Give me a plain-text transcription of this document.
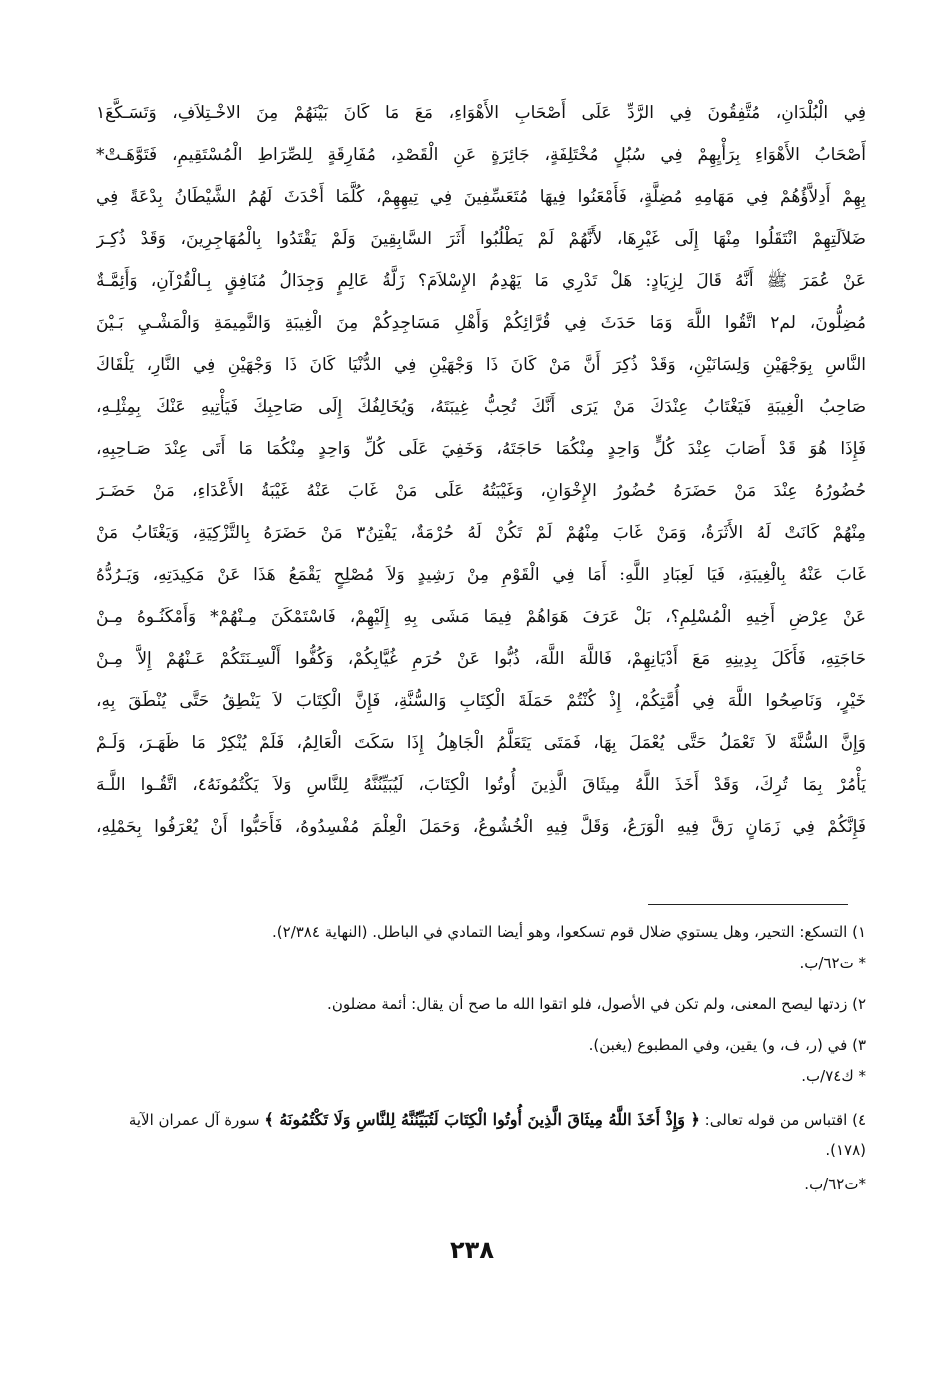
فِي الْبُلْدَانِ، مُتَّفِقُونَ فِي الرَّدِّ عَلَى أَصْحَابِ الأَهْوَاءِ، مَعَ مَا كَانَ بَيْنَهُمْ مِنَ الاخْـتِلاَفِ، وَتَسَـكَّعَ١
أَصْحَابُ الأَهْوَاءِ بِرَأْيِهِمْ فِي سُبُلٍ مُخْتَلِفَةٍ، جَائِرَةٍ عَنِ الْقَصْدِ، مُفَارِقَةٍ لِلصِّرَاطِ الْمُسْتَقِيمِ، فَتَوَّهَـتْ*
بِهِمْ أَدِلاَّؤُهُمْ فِي مَهَامِهِ مُضِلَّةٍ، فَأَمْعَنُوا فِيهَا مُتَعَسِّفِينَ فِي تِيهِهِمْ، كُلَّمَا أَحْدَثَ لَهُمُ الشَّيْطَانُ بِدْعَةً فِي
ضَلاَلَتِهِمْ انْتَقَلُوا مِنْهَا إِلَى غَيْرِهَا، لأَنَّهُمْ لَمْ يَطْلُبُوا أَثَرَ السَّابِقِينَ وَلَمْ يَقْتَدُوا بِالْمُهَاجِرِينَ، وَقَدْ ذُكِـرَ
عَنْ عُمَرَ ﷺ أَنَّهُ قَالَ لِزِيَادٍ: هَلْ تَدْرِي مَا يَهْدِمُ الإِسْلاَمَ؟ زَلَّةُ عَالِمٍ وَجِدَالُ مُنَافِقٍ بِـالْقُرْآنِ، وَأَئِمَّـةٌ
مُضِلُّونَ، لم٢ اتَّقُوا اللَّهَ وَمَا حَدَثَ فِي قُرَّائِكُمْ وَأَهْلِ مَسَاجِدِكُمْ مِنَ الْغِيبَةِ وَالنَّمِيمَةِ وَالْمَشْـيِ بَـيْنَ
النَّاسِ بِوَجْهَيْنِ وَلِسَانَيْنِ، وَقَدْ ذُكِرَ أَنَّ مَنْ كَانَ ذَا وَجْهَيْنِ فِي الدُّنْيَا كَانَ ذَا وَجْهَيْنِ فِي النَّارِ، يَلْقَاكَ
صَاحِبُ الْغِيبَةِ فَيَغْتَابُ عِنْدَكَ مَنْ يَرَى أَنَّكَ تُحِبُّ غِيبَتَهُ، وَيُخَالِفُكَ إِلَى صَاحِبِكَ فَيَأْتِيهِ عَنْكَ بِمِثْلِـهِ،
فَإِذَا هُوَ قَدْ أَصَابَ عِنْدَ كُلٍّ وَاحِدٍ مِنْكُمَا حَاجَتَهُ، وَخَفِيَ عَلَى كُلِّ وَاحِدٍ مِنْكُمَا مَا أَتَى عِنْدَ صَـاحِبِهِ،
حُضُورُهُ عِنْدَ مَنْ حَضَرَهُ حُضُورُ الإِخْوَانِ، وَغَيْبَتُهُ عَلَى مَنْ غَابَ عَنْهُ غَيْبَةُ الأَعْدَاءِ، مَنْ حَضَـرَ
مِنْهُمْ كَانَتْ لَهُ الأَثَرَةُ، وَمَنْ غَابَ مِنْهُمْ لَمْ تَكُنْ لَهُ حُرْمَةٌ، يَفْتِنُ٣ مَنْ حَضَرَهُ بِالتَّزْكِيَةِ، وَيَغْتَابُ مَنْ
غَابَ عَنْهُ بِالْغِيبَةِ، فَيَا لَعِبَادِ اللَّهِ: أَمَا فِي الْقَوْمِ مِنْ رَشِيدٍ وَلاَ مُصْلِحٍ يَقْمَعُ هَذَا عَنْ مَكِيدَتِهِ، وَيَـرُدُّهُ
عَنْ عِرْضِ أَخِيهِ الْمُسْلِمِ؟، بَلْ عَرَفَ هَوَاهُمْ فِيمَا مَشَى بِهِ إِلَيْهِمْ، فَاسْتَمْكَنَ مِـنْهُمْ* وَأَمْكَنُـوهُ مِـنْ
حَاجَتِهِ، فَأَكَلَ بِدِينِهِ مَعَ أَدْيَانِهِمْ، فَاللَّهَ اللَّهَ، ذُبُّوا عَنْ حُرَمِ غُيَّابِكُمْ، وَكُفُّوا أَلْسِـنَتَكُمْ عَـنْهُمْ إِلاَّ مِـنْ
خَيْرٍ، وَنَاصِحُوا اللَّهَ فِي أُمَّتِكُمْ، إِذْ كُنْتُمْ حَمَلَةَ الْكِتَابِ وَالسُّنَّةِ، فَإِنَّ الْكِتَابَ لاَ يَنْطِقُ حَتَّى يُنْطَقَ بِهِ،
وَإِنَّ السُّنَّةَ لاَ تَعْمَلُ حَتَّى يُعْمَلَ بِهَا، فَمَتَى يَتَعَلَّمُ الْجَاهِلُ إِذَا سَكَتَ الْعَالِمُ، فَلَمْ يُنْكِرْ مَا ظَهَـرَ، وَلَـمْ
يَأْمُرْ بِمَا تُرِكَ، وَقَدْ أَخَذَ اللَّهُ مِيثَاقَ الَّذِينَ أُوتُوا الْكِتَابَ، لَيُبَيِّنُنَّهُ لِلنَّاسِ وَلاَ يَكْتُمُونَهُ٤، اتَّقُـوا اللَّـهَ
فَإِنَّكُمْ فِي زَمَانٍ رَقَّ فِيهِ الْوَرَعُ، وَقَلَّ فِيهِ الْخُشُوعُ، وَحَمَلَ الْعِلْمَ مُفْسِدُوهُ، فَأَحَبُّوا أَنْ يُعْرَفُوا بِحَمْلِهِ،
١) التسكع: التحير، وهل يستوي ضلال قوم تسكعوا، وهو أيضا التمادي في الباطل. (النهاية ٢/٣٨٤).
* ت٦٢/ب.
٢) زدتها ليصح المعنى، ولم تكن في الأصول، فلو اتقوا الله ما صح أن يقال: أئمة مضلون.
٣) في (ر، ف، و) يقين، وفي المطبوع (يغبن).
* ك٧٤/ب.
٤) اقتباس من قوله تعالى: ﴿ وَإِذْ أَخَذَ اللَّهُ مِيثَاقَ الَّذِينَ أُوتُوا الْكِتَابَ لَتُبَيِّنُنَّهُ لِلنَّاسِ وَلَا تَكْتُمُونَهُ ﴾ سورة آل عمران الآية (١٧٨).
*ت٦٢/ب.
٢٣٨
